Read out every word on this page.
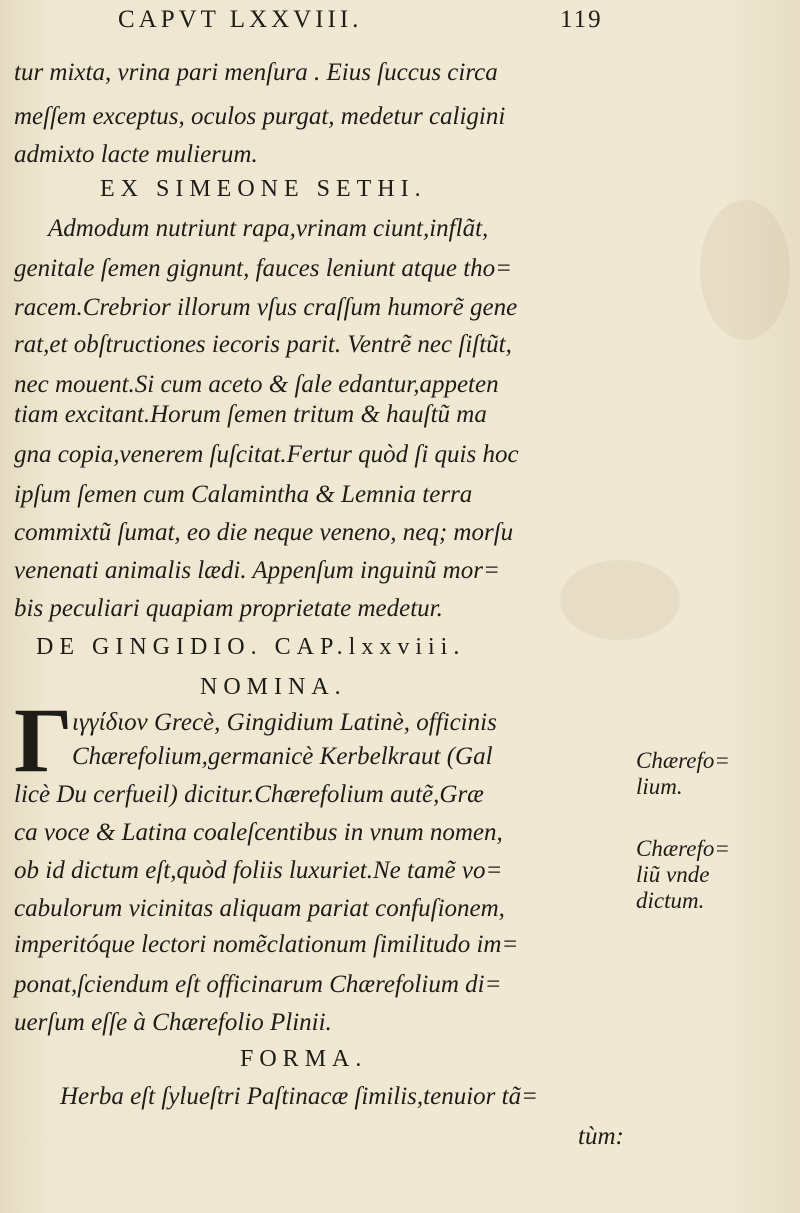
CAPVT LXXVIII.	119
tur mixta, vrina pari menſura . Eius ſuccus circa
meſſem exceptus, oculos purgat, medetur caligini
admixto lacte mulierum.
EX SIMEONE SETHI.
Admodum nutriunt rapa,vrinam ciunt,inflãt,
genitale ſemen gignunt, fauces leniunt atque tho=
racem.Crebrior illorum vſus craſſum humorẽ gene
rat,et obſtructiones iecoris parit. Ventrẽ nec ſiſtũt,
nec mouent.Si cum aceto & ſale edantur,appeten
tiam excitant.Horum ſemen tritum & hauſtũ ma
gna copia,venerem ſuſcitat.Fertur quòd ſi quis hoc
ipſum ſemen cum Calamintha & Lemnia terra
commixtũ ſumat, eo die neque veneno, neq; morſu
venenati animalis lædi. Appenſum inguinũ mor=
bis peculiari quapiam proprietate medetur.
DE GINGIDIO. CAP.lxxviii.
NOMINA.
Γ ιγγίδιον Grecè, Gingidium Latinè, officinis
Chærefolium,germanicè Kerbelkraut (Gal
licè Du cerfueil) dicitur.Chærefolium autẽ,Græ
ca voce & Latina coaleſcentibus in vnum nomen,
ob id dictum eſt,quòd foliis luxuriet.Ne tamẽ vo=
cabulorum vicinitas aliquam pariat confuſionem,
imperitóque lectori nomẽclationum ſimilitudo im=
ponat,ſciendum eſt officinarum Chærefolium di=
uerſum eſſe à Chærefolio Plinii.
FORMA.
Herba eſt ſylueſtri Paſtinacæ ſimilis,tenuior tã=
tùm:
Chærefo=
lium.
Chærefo=
liũ vnde
dictum.
